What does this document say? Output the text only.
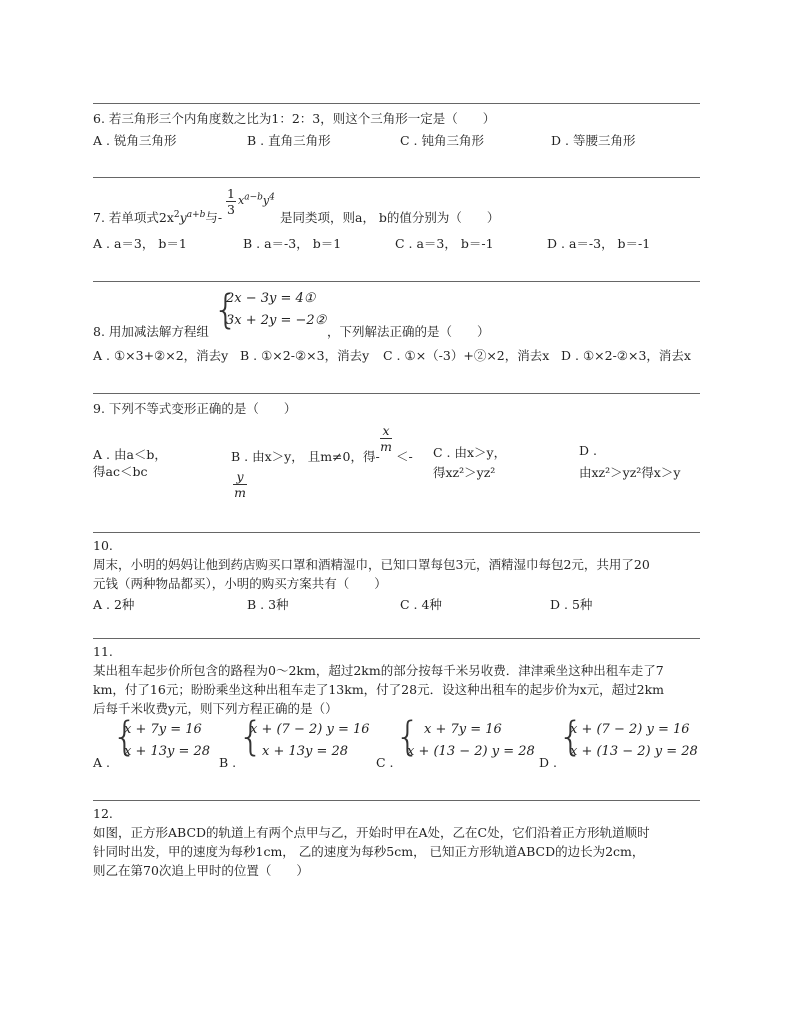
6. 若三角形三个内角度数之比为1：2：3，则这个三角形一定是（　　）
A . 锐角三角形	B . 直角三角形	C . 钝角三角形	D . 等腰三角形
7. 若单项式$2x^2y^{a+b}$与-
$\frac{1}{3} x^{a-b}y^4$
是同类项，则a， b的值分别为（　　）
A . a＝3， b＝1	B . a＝-3， b＝1	C . a＝3， b＝-1	D . a＝-3， b＝-1
8. 用加减法解方程组 {
2x − 3y = 4①
3x + 2y = −2②
，下列解法正确的是（　　）
A . ①×3+②×2，消去y B . ①×2-②×3，消去y C . ①×（-3）+②×2，消去x D . ①×2-②×3，消去x
9. 下列不等式变形正确的是（　　）
A . 由a＜b，
得ac＜bc
B . 由x＞y， 且m≠0，得-
$\frac{x}{m}$
＜-
$\frac{y}{m}$
C . 由x＞y，
得xz²＞yz²
D .
由xz²＞yz²得x＞y
10.
周末，小明的妈妈让他到药店购买口罩和酒精湿巾，已知口罩每包3元，酒精湿巾每包2元，共用了20
元钱（两种物品都买），小明的购买方案共有（　　）
A . 2种	B . 3种	C . 4种	D . 5种
11.
某出租车起步价所包含的路程为0～2km，超过2km的部分按每千米另收费．津津乘坐这种出租车走了7
km，付了16元；盼盼乘坐这种出租车走了13km，付了28元．设这种出租车的起步价为x元，超过2km
后每千米收费y元，则下列方程正确的是（）
A .
{
x + 7y = 16
x + 13y = 28
B .
{
x + (7 − 2) y = 16
x + 13y = 28
C .
{ x + 7y = 16
x + (13 − 2) y = 28
D .
{
x + (7 − 2) y = 16
x + (13 − 2) y = 28
12.
如图，正方形ABCD的轨道上有两个点甲与乙，开始时甲在A处，乙在C处，它们沿着正方形轨道顺时
针同时出发，甲的速度为每秒1cm， 乙的速度为每秒5cm， 已知正方形轨道ABCD的边长为2cm，
则乙在第70次追上甲时的位置（　　）
